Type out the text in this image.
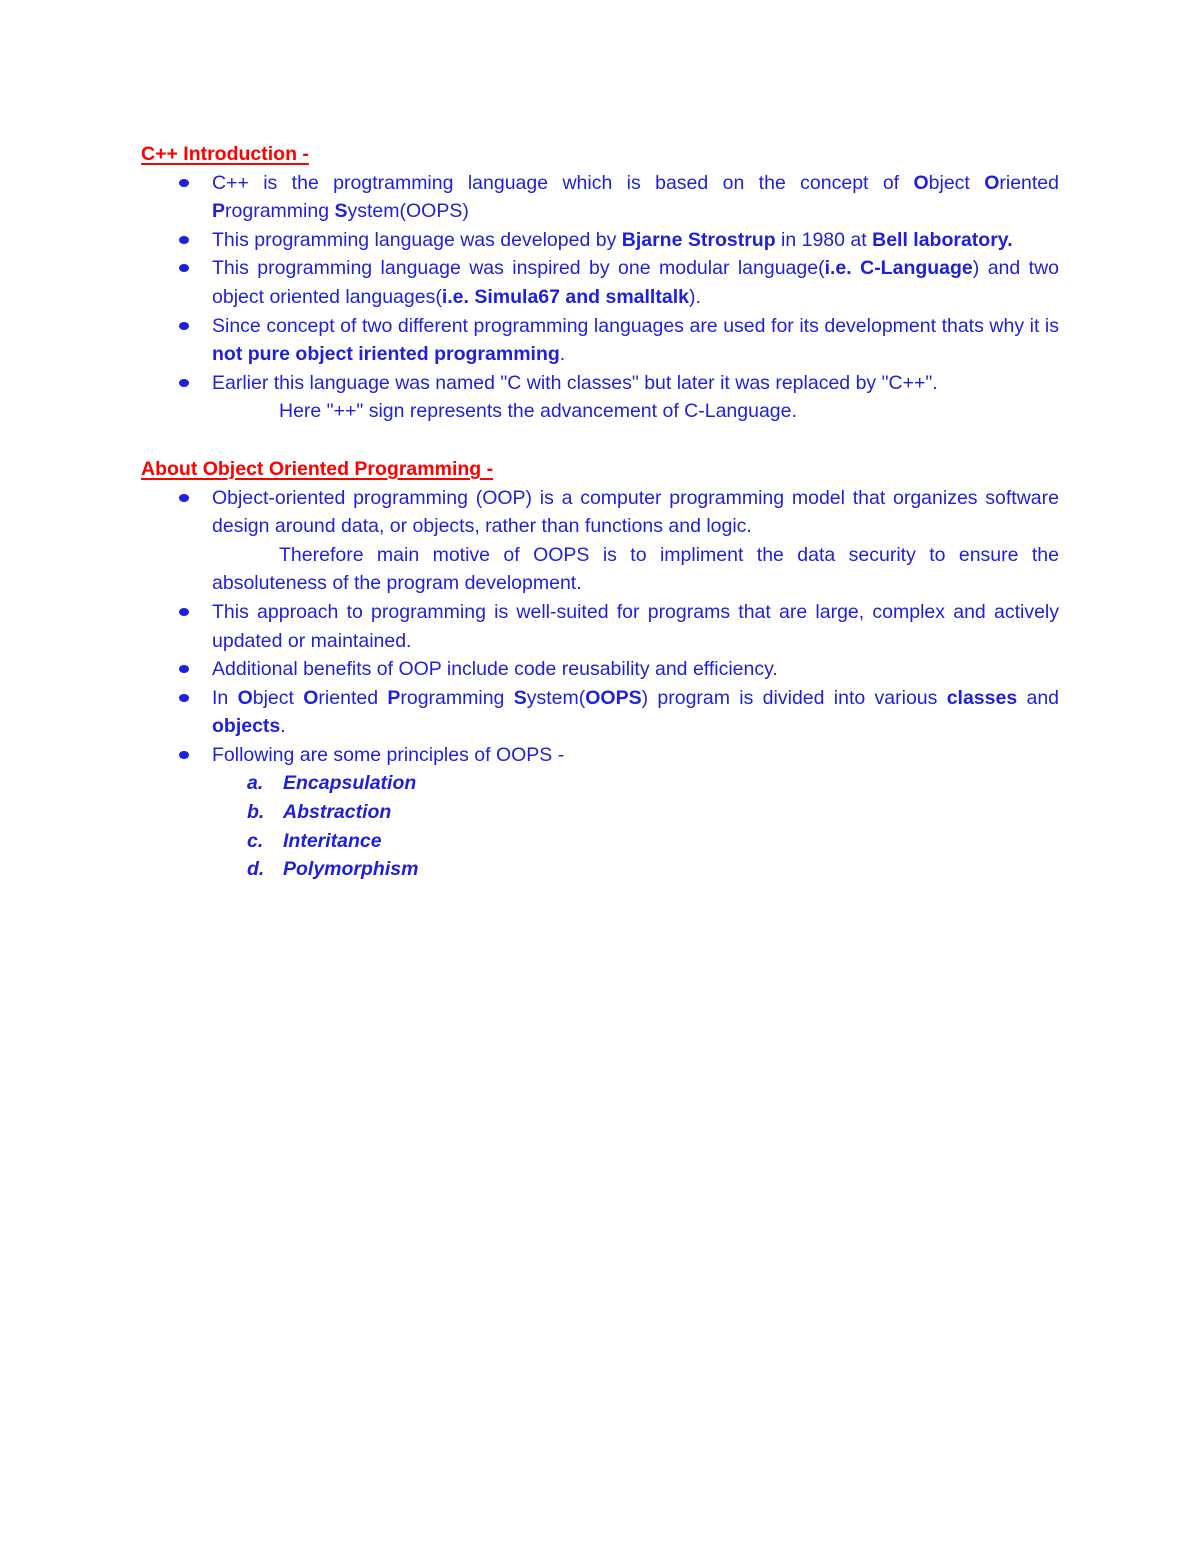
C++ Introduction -
C++ is the progtramming language which is based on the concept of Object Oriented Programming System(OOPS)
This programming language was developed by Bjarne Strostrup in 1980 at Bell laboratory.
This programming language was inspired by one modular language(i.e. C-Language) and two object oriented languages(i.e. Simula67 and smalltalk).
Since concept of two different programming languages are used for its development thats why it is not pure object iriented programming.
Earlier this language was named "C with classes" but later it was replaced by "C++".
Here "++" sign represents the advancement of C-Language.
About Object Oriented Programming -
Object-oriented programming (OOP) is a computer programming model that organizes software design around data, or objects, rather than functions and logic.
Therefore main motive of OOPS is to impliment the data security to ensure the absoluteness of the program development.
This approach to programming is well-suited for programs that are large, complex and actively updated or maintained.
Additional benefits of OOP include code reusability and efficiency.
In Object Oriented Programming System(OOPS) program is divided into various classes and objects.
Following are some principles of OOPS -
a. Encapsulation
b. Abstraction
c. Interitance
d. Polymorphism
